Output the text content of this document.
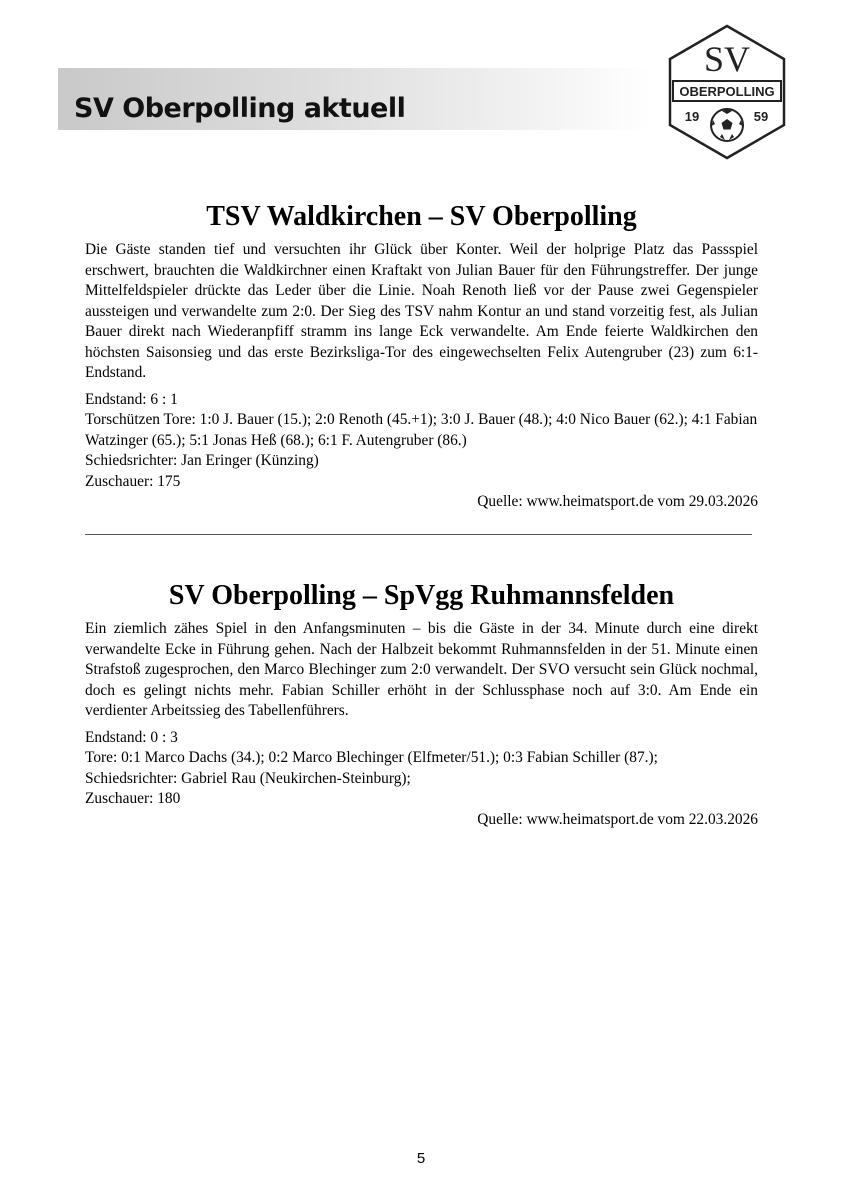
SV Oberpolling aktuell
SV
OBERPOLLING
19	59
TSV Waldkirchen – SV Oberpolling
Die Gäste standen tief und versuchten ihr Glück über Konter. Weil der holprige Platz das Passspiel erschwert, brauchten die Waldkirchner einen Kraftakt von Julian Bauer für den Führungstreffer. Der junge Mittelfeldspieler drückte das Leder über die Linie. Noah Renoth ließ vor der Pause zwei Gegenspieler aussteigen und verwandelte zum 2:0. Der Sieg des TSV nahm Kontur an und stand vorzeitig fest, als Julian Bauer direkt nach Wiederanpfiff stramm ins lange Eck verwandelte. Am Ende feierte Waldkirchen den höchsten Saisonsieg und das erste Bezirksliga-Tor des eingewechselten Felix Autengruber (23) zum 6:1-Endstand.
Endstand: 6 : 1
Torschützen Tore: 1:0 J. Bauer (15.); 2:0 Renoth (45.+1); 3:0 J. Bauer (48.); 4:0 Nico Bauer (62.); 4:1 Fabian Watzinger (65.); 5:1 Jonas Heß (68.); 6:1 F. Autengruber (86.)
Schiedsrichter: Jan Eringer (Künzing)
Zuschauer: 175
Quelle: www.heimatsport.de vom 29.03.2026
SV Oberpolling – SpVgg Ruhmannsfelden
Ein ziemlich zähes Spiel in den Anfangsminuten – bis die Gäste in der 34. Minute durch eine direkt verwandelte Ecke in Führung gehen. Nach der Halbzeit bekommt Ruhmannsfelden in der 51. Minute einen Strafstoß zugesprochen, den Marco Blechinger zum 2:0 verwandelt. Der SVO versucht sein Glück nochmal, doch es gelingt nichts mehr. Fabian Schiller erhöht in der Schlussphase noch auf 3:0. Am Ende ein verdienter Arbeitssieg des Tabellenführers.
Endstand: 0 : 3
Tore: 0:1 Marco Dachs (34.); 0:2 Marco Blechinger (Elfmeter/51.); 0:3 Fabian Schiller (87.);
Schiedsrichter: Gabriel Rau (Neukirchen-Steinburg);
Zuschauer: 180
Quelle: www.heimatsport.de vom 22.03.2026
5
